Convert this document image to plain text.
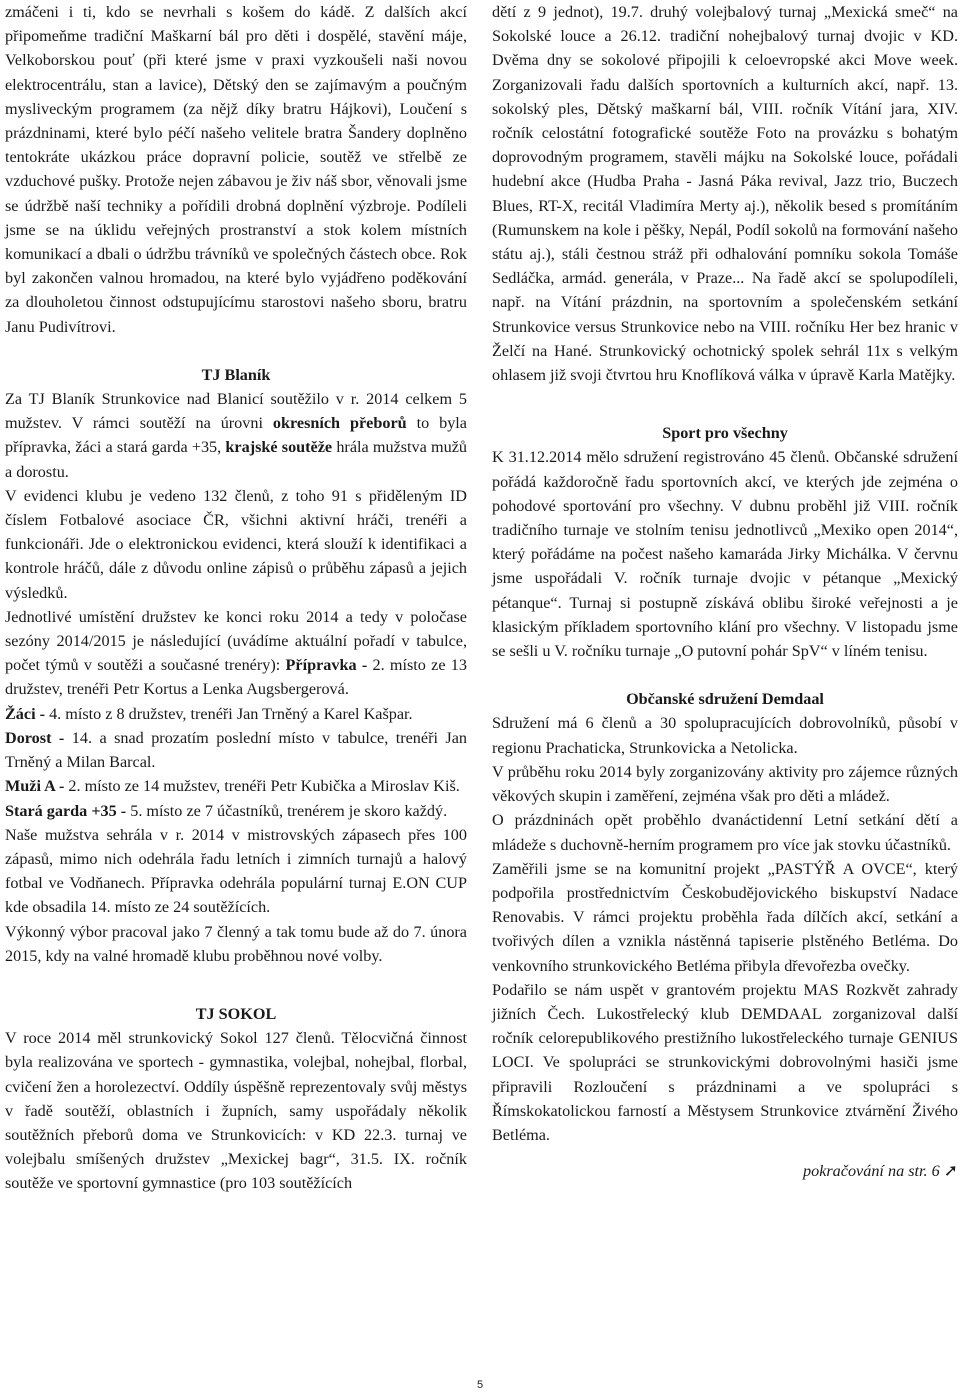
zmáčeni i ti, kdo se nevrhali s košem do kádě. Z dalších akcí připomeňme tradiční Maškarní bál pro děti i dospělé, stavění máje, Velkoborskou pouť (při které jsme v praxi vyzkoušeli naši novou elektrocentrálu, stan a lavice), Dětský den se zajímavým a poučným mysliveckým programem (za nějž díky bratru Hájkovi), Loučení s prázdninami, které bylo péčí našeho velitele bratra Šandery doplněno tentokráte ukázkou práce dopravní policie, soutěž ve střelbě ze vzduchové pušky. Protože nejen zábavou je živ náš sbor, věnovali jsme se údržbě naší techniky a pořídili drobná doplnění výzbroje. Podíleli jsme se na úklidu veřejných prostranství a stok kolem místních komunikací a dbali o údržbu trávníků ve společných částech obce. Rok byl zakončen valnou hromadou, na které bylo vyjádřeno poděkování za dlouholetou činnost odstupujícímu starostovi našeho sboru, bratru Janu Pudivítrovi.

TJ Blaník

Za TJ Blaník Strunkovice nad Blanicí soutěžilo v r. 2014 celkem 5 mužstev. V rámci soutěží na úrovni okresních přeborů to byla přípravka, žáci a stará garda +35, krajské soutěže hrála mužstva mužů a dorostu.

V evidenci klubu je vedeno 132 členů, z toho 91 s přiděleným ID číslem Fotbalové asociace ČR, všichni aktivní hráči, trenéři a funkcionáři. Jde o elektronickou evidenci, která slouží k identifikaci a kontrole hráčů, dále z důvodu online zápisů o průběhu zápasů a jejich výsledků.

Jednotlivé umístění družstev ke konci roku 2014 a tedy v poločase sezóny 2014/2015 je následující (uvádíme aktuální pořadí v tabulce, počet týmů v soutěži a současné trenéry): Přípravka - 2. místo ze 13 družstev, trenéři Petr Kortus a Lenka Augsbergerová.

Žáci - 4. místo z 8 družstev, trenéři Jan Trněný a Karel Kašpar.

Dorost - 14. a snad prozatím poslední místo v tabulce, trenéři Jan Trněný a Milan Barcal.

Muži A - 2. místo ze 14 mužstev, trenéři Petr Kubička a Miroslav Kiš.

Stará garda +35 - 5. místo ze 7 účastníků, trenérem je skoro každý.

Naše mužstva sehrála v r. 2014 v mistrovských zápasech přes 100 zápasů, mimo nich odehrála řadu letních i zimních turnajů a halový fotbal ve Vodňanech. Přípravka odehrála populární turnaj E.ON CUP kde obsadila 14. místo ze 24 soutěžících.

Výkonný výbor pracoval jako 7 členný a tak tomu bude až do 7. února 2015, kdy na valné hromadě klubu proběhnou nové volby.

TJ SOKOL

V roce 2014 měl strunkovický Sokol 127 členů. Tělocvičná činnost byla realizována ve sportech - gymnastika, volejbal, nohejbal, florbal, cvičení žen a horolezectví. Oddíly úspěšně reprezentovaly svůj městys v řadě soutěží, oblastních i župních, samy uspořádaly několik soutěžních přeborů doma ve Strunkovicích: v KD 22.3. turnaj ve volejbalu smíšených družstev „Mexickej bagr“, 31.5. IX. ročník soutěže ve sportovní gymnastice (pro 103 soutěžících

dětí z 9 jednot), 19.7. druhý volejbalový turnaj „Mexická smeč“ na Sokolské louce a 26.12. tradiční nohejbalový turnaj dvojic v KD. Dvěma dny se sokolové připojili k celoevropské akci Move week. Zorganizovali řadu dalších sportovních a kulturních akcí, např. 13. sokolský ples, Dětský maškarní bál, VIII. ročník Vítání jara, XIV. ročník celostátní fotografické soutěže Foto na provázku s bohatým doprovodným programem, stavěli májku na Sokolské louce, pořádali hudební akce (Hudba Praha - Jasná Páka revival, Jazz trio, Buczech Blues, RT-X, recitál Vladimíra Merty aj.), několik besed s promítáním (Rumunskem na kole i pěšky, Nepál, Podíl sokolů na formování našeho státu aj.), stáli čestnou stráž při odhalování pomníku sokola Tomáše Sedláčka, armád. generála, v Praze... Na řadě akcí se spolupodíleli, např. na Vítání prázdnin, na sportovním a společenském setkání Strunkovice versus Strunkovice nebo na VIII. ročníku Her bez hranic v Želčí na Hané. Strunkovický ochotnický spolek sehrál 11x s velkým ohlasem již svoji čtvrtou hru Knoflíková válka v úpravě Karla Matějky.

Sport pro všechny

K 31.12.2014 mělo sdružení registrováno 45 členů. Občanské sdružení pořádá každoročně řadu sportovních akcí, ve kterých jde zejména o pohodové sportování pro všechny. V dubnu proběhl již VIII. ročník tradičního turnaje ve stolním tenisu jednotlivců „Mexiko open 2014“, který pořádáme na počest našeho kamaráda Jirky Michálka. V červnu jsme uspořádali V. ročník turnaje dvojic v pétanque „Mexický pétanque“. Turnaj si postupně získává oblibu široké veřejnosti a je klasickým příkladem sportovního klání pro všechny. V listopadu jsme se sešli u V. ročníku turnaje „O putovní pohár SpV“ v líném tenisu.

Občanské sdružení Demdaal

Sdružení má 6 členů a 30 spolupracujících dobrovolníků, působí v regionu Prachaticka, Strunkovicka a Netolicka.

V průběhu roku 2014 byly zorganizovány aktivity pro zájemce různých věkových skupin i zaměření, zejména však pro děti a mládež.

O prázdninách opět proběhlo dvanáctidenní Letní setkání dětí a mládeže s duchovně-herním programem pro více jak stovku účastníků.

Zaměřili jsme se na komunitní projekt „PASTÝŘ A OVCE“, který podpořila prostřednictvím Českobudějovického biskupství Nadace Renovabis. V rámci projektu proběhla řada dílčích akcí, setkání a tvořivých dílen a vznikla nástěnná tapiserie plstěného Betléma. Do venkovního strunkovického Betléma přibyla dřevořezba ovečky.

Podařilo se nám uspět v grantovém projektu MAS Rozkvět zahrady jižních Čech. Lukostřelecký klub DEMDAAL zorganizoval další ročník celorepublikového prestižního lukostřeleckého turnaje GENIUS LOCI. Ve spolupráci se strunkovickými dobrovolnými hasiči jsme připravili Rozloučení s prázdninami a ve spolupráci s Římskokatolickou farností a Městysem Strunkovice ztvárnění Živého Betléma.

pokračování na str. 6 ➚

5
